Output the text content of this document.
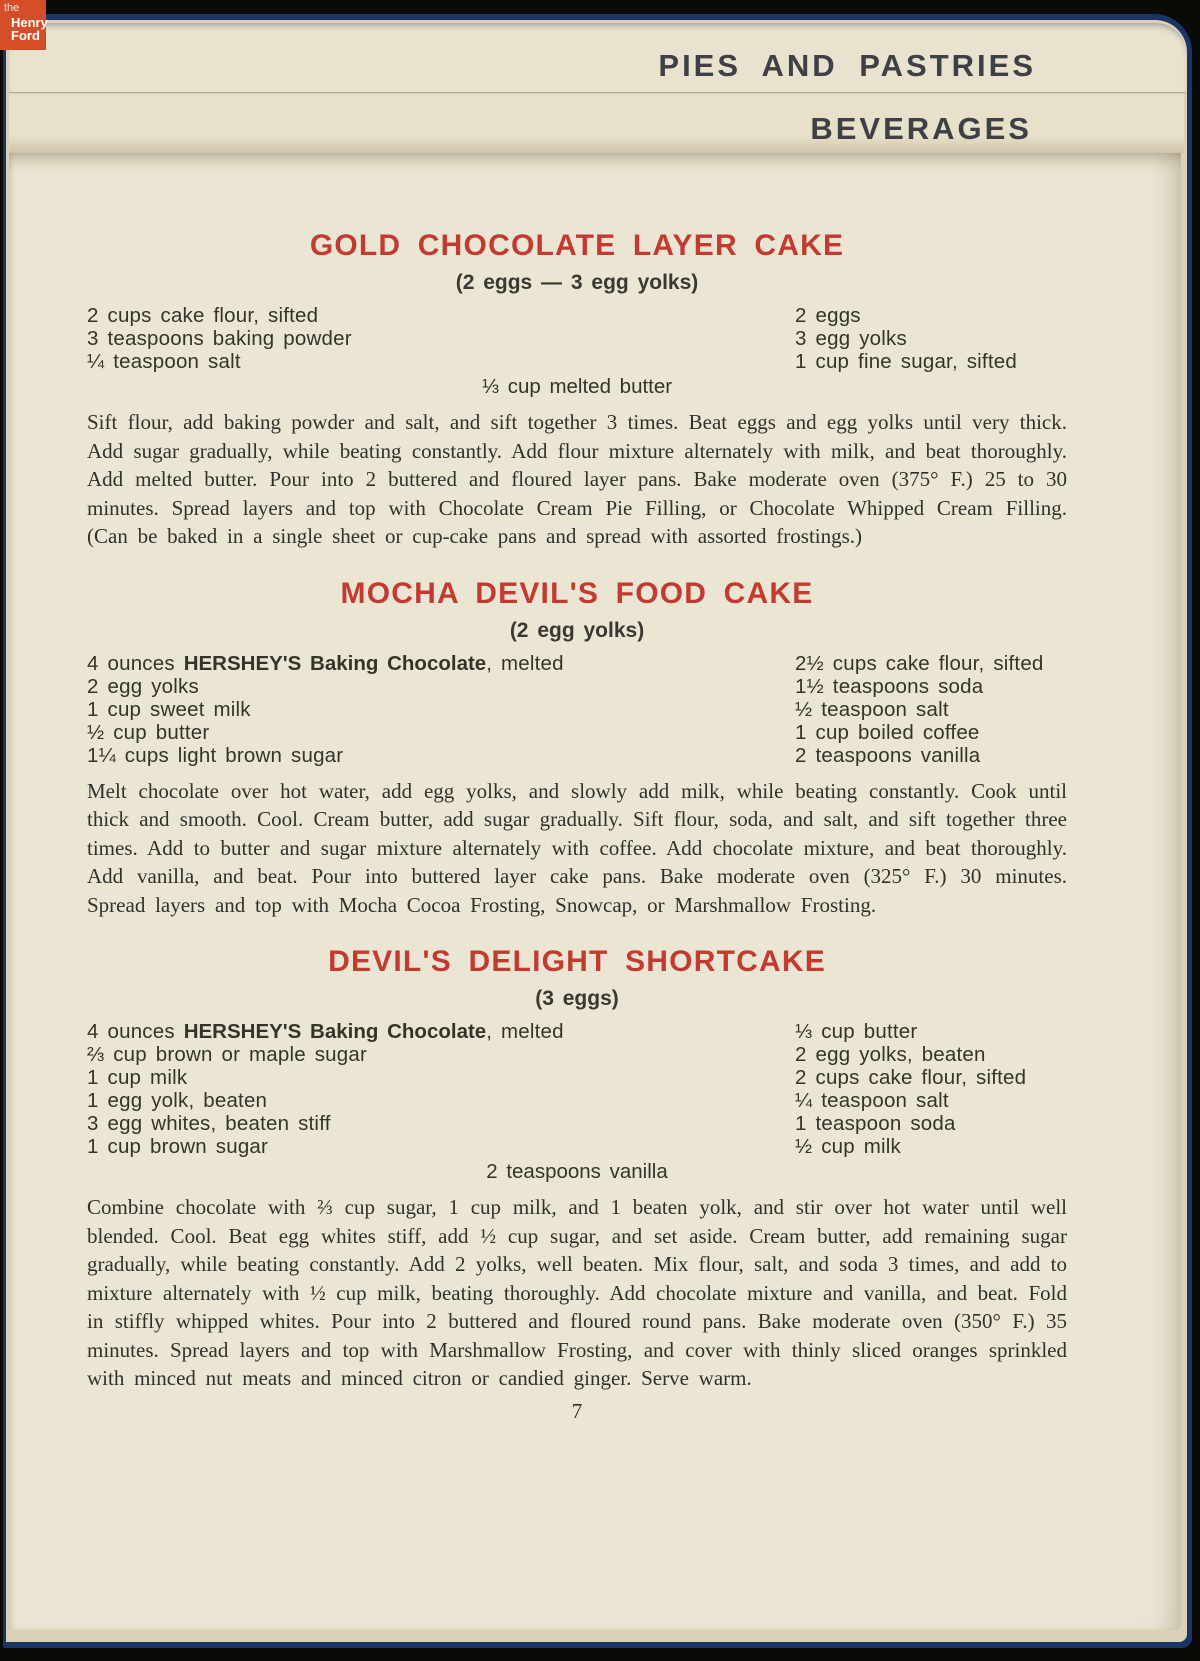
PIES AND PASTRIES
BEVERAGES
GOLD CHOCOLATE LAYER CAKE
(2 eggs — 3 egg yolks)
2 cups cake flour, sifted
3 teaspoons baking powder
¼ teaspoon salt
2 eggs
3 egg yolks
1 cup fine sugar, sifted
⅓ cup melted butter

Sift flour, add baking powder and salt, and sift together 3 times. Beat eggs and egg yolks until very thick. Add sugar gradually, while beating constantly. Add flour mixture alternately with milk, and beat thoroughly. Add melted butter. Pour into 2 buttered and floured layer pans. Bake moderate oven (375° F.) 25 to 30 minutes. Spread layers and top with Chocolate Cream Pie Filling, or Chocolate Whipped Cream Filling. (Can be baked in a single sheet or cup-cake pans and spread with assorted frostings.)

MOCHA DEVIL'S FOOD CAKE
(2 egg yolks)
4 ounces HERSHEY'S Baking Chocolate, melted
2 egg yolks
1 cup sweet milk
½ cup butter
1¼ cups light brown sugar
2½ cups cake flour, sifted
1½ teaspoons soda
½ teaspoon salt
1 cup boiled coffee
2 teaspoons vanilla

Melt chocolate over hot water, add egg yolks, and slowly add milk, while beating constantly. Cook until thick and smooth. Cool. Cream butter, add sugar gradually. Sift flour, soda, and salt, and sift together three times. Add to butter and sugar mixture alternately with coffee. Add chocolate mixture, and beat thoroughly. Add vanilla, and beat. Pour into buttered layer cake pans. Bake moderate oven (325° F.) 30 minutes. Spread layers and top with Mocha Cocoa Frosting, Snowcap, or Marshmallow Frosting.

DEVIL'S DELIGHT SHORTCAKE
(3 eggs)
4 ounces HERSHEY'S Baking Chocolate, melted
⅔ cup brown or maple sugar
1 cup milk
1 egg yolk, beaten
3 egg whites, beaten stiff
1 cup brown sugar
⅓ cup butter
2 egg yolks, beaten
2 cups cake flour, sifted
¼ teaspoon salt
1 teaspoon soda
½ cup milk
2 teaspoons vanilla

Combine chocolate with ⅔ cup sugar, 1 cup milk, and 1 beaten yolk, and stir over hot water until well blended. Cool. Beat egg whites stiff, add ½ cup sugar, and set aside. Cream butter, add remaining sugar gradually, while beating constantly. Add 2 yolks, well beaten. Mix flour, salt, and soda 3 times, and add to mixture alternately with ½ cup milk, beating thoroughly. Add chocolate mixture and vanilla, and beat. Fold in stiffly whipped whites. Pour into 2 buttered and floured round pans. Bake moderate oven (350° F.) 35 minutes. Spread layers and top with Marshmallow Frosting, and cover with thinly sliced oranges sprinkled with minced nut meats and minced citron or candied ginger. Serve warm.

7
the
Henry
Ford
